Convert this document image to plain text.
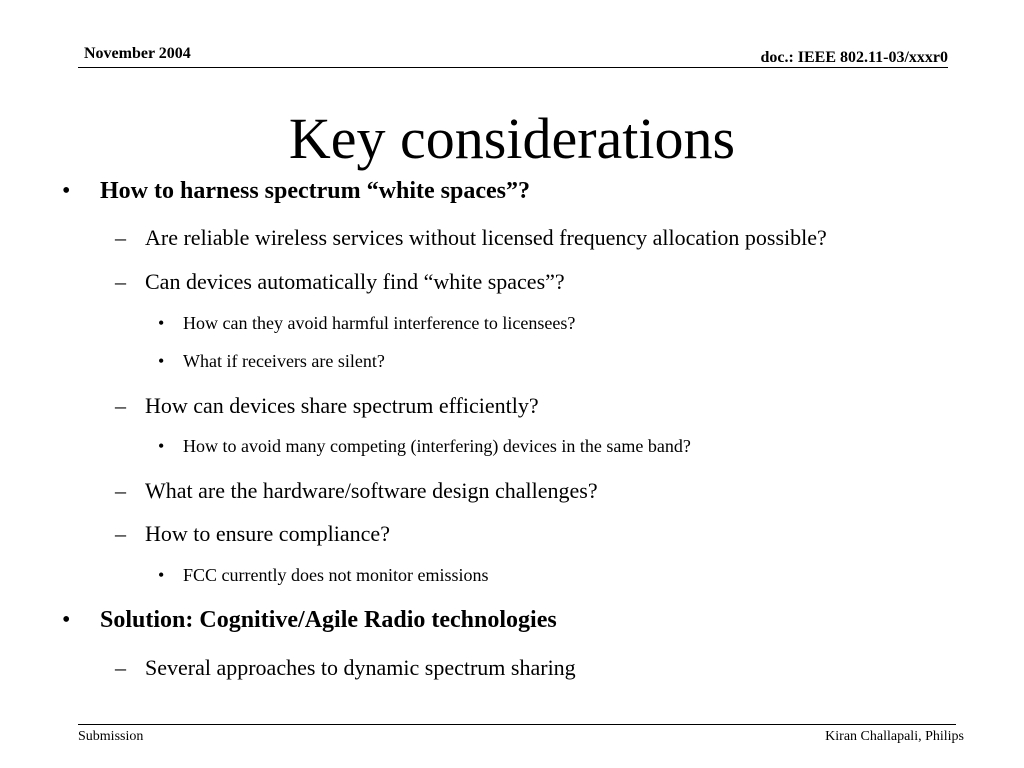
November 2004	doc.: IEEE 802.11-03/xxxr0
Key considerations
• How to harness spectrum “white spaces”?
– Are reliable wireless services without licensed frequency allocation possible?
– Can devices automatically find “white spaces”?
• How can they avoid harmful interference to licensees?
• What if receivers are silent?
– How can devices share spectrum efficiently?
• How to avoid many competing (interfering) devices in the same band?
– What are the hardware/software design challenges?
– How to ensure compliance?
• FCC currently does not monitor emissions
• Solution: Cognitive/Agile Radio technologies
– Several approaches to dynamic spectrum sharing
Submission	Kiran Challapali, Philips
